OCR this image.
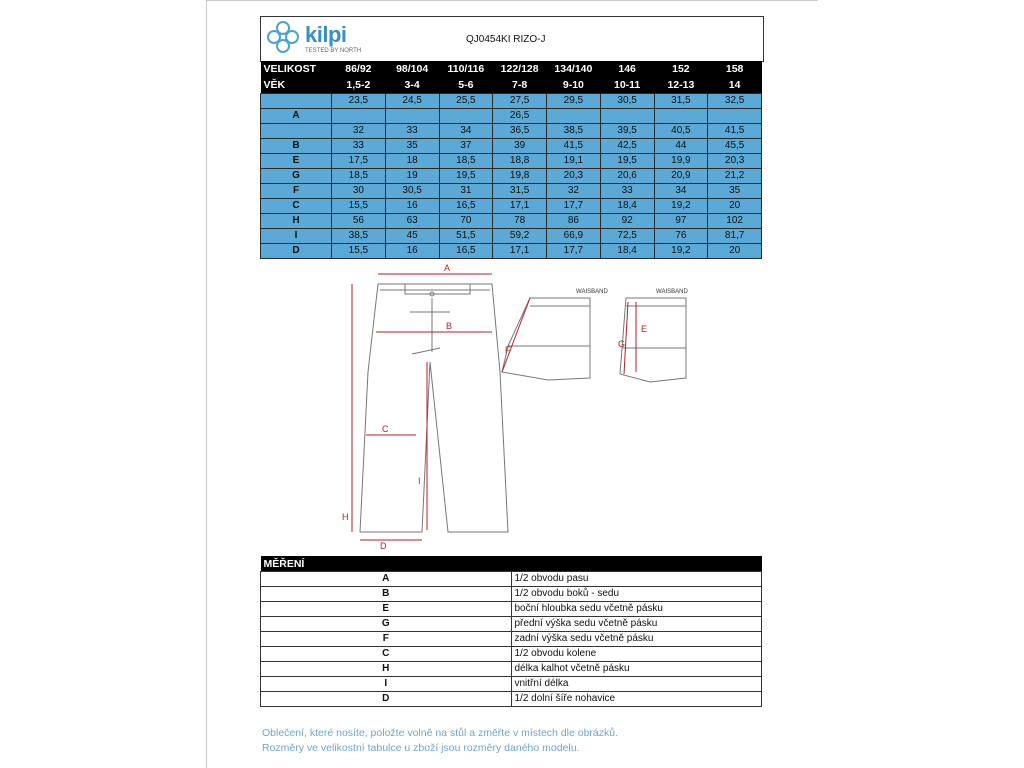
kilpi
TESTED BY NORTH
QJ0454KI RIZO-J
VELIKOST	86/92	98/104	110/116	122/128	134/140	146	152	158
VĚK	1,5-2	3-4	5-6	7-8	9-10	10-11	12-13	14
	23,5	24,5	25,5	27,5	29,5	30,5	31,5	32,5
A				26,5				
	32	33	34	36,5	38,5	39,5	40,5	41,5
B	33	35	37	39	41,5	42,5	44	45,5
E	17,5	18	18,5	18,8	19,1	19,5	19,9	20,3
G	18,5	19	19,5	19,8	20,3	20,6	20,9	21,2
F	30	30,5	31	31,5	32	33	34	35
C	15,5	16	16,5	17,1	17,7	18,4	19,2	20
H	56	63	70	78	86	92	97	102
I	38,5	45	51,5	59,2	66,9	72,5	76	81,7
D	15,5	16	16,5	17,1	17,7	18,4	19,2	20
A
B
C
D
H
I
F
WAISBAND
E
G
WAISBAND
MĚŘENÍ	
A	1/2 obvodu pasu
B	1/2 obvodu boků - sedu
E	boční hloubka sedu včetně pásku
G	přední výška sedu včetně pásku
F	zadní výška sedu včetně pásku
C	1/2 obvodu kolene
H	délka kalhot včetně pásku
I	vnitřní délka
D	1/2 dolní šíře nohavice
Oblečení, které nosíte, položte volně na stůl a změřte v místech dle obrázků.
Rozměry ve velikostní tabulce u zboží jsou rozměry daného modelu.
